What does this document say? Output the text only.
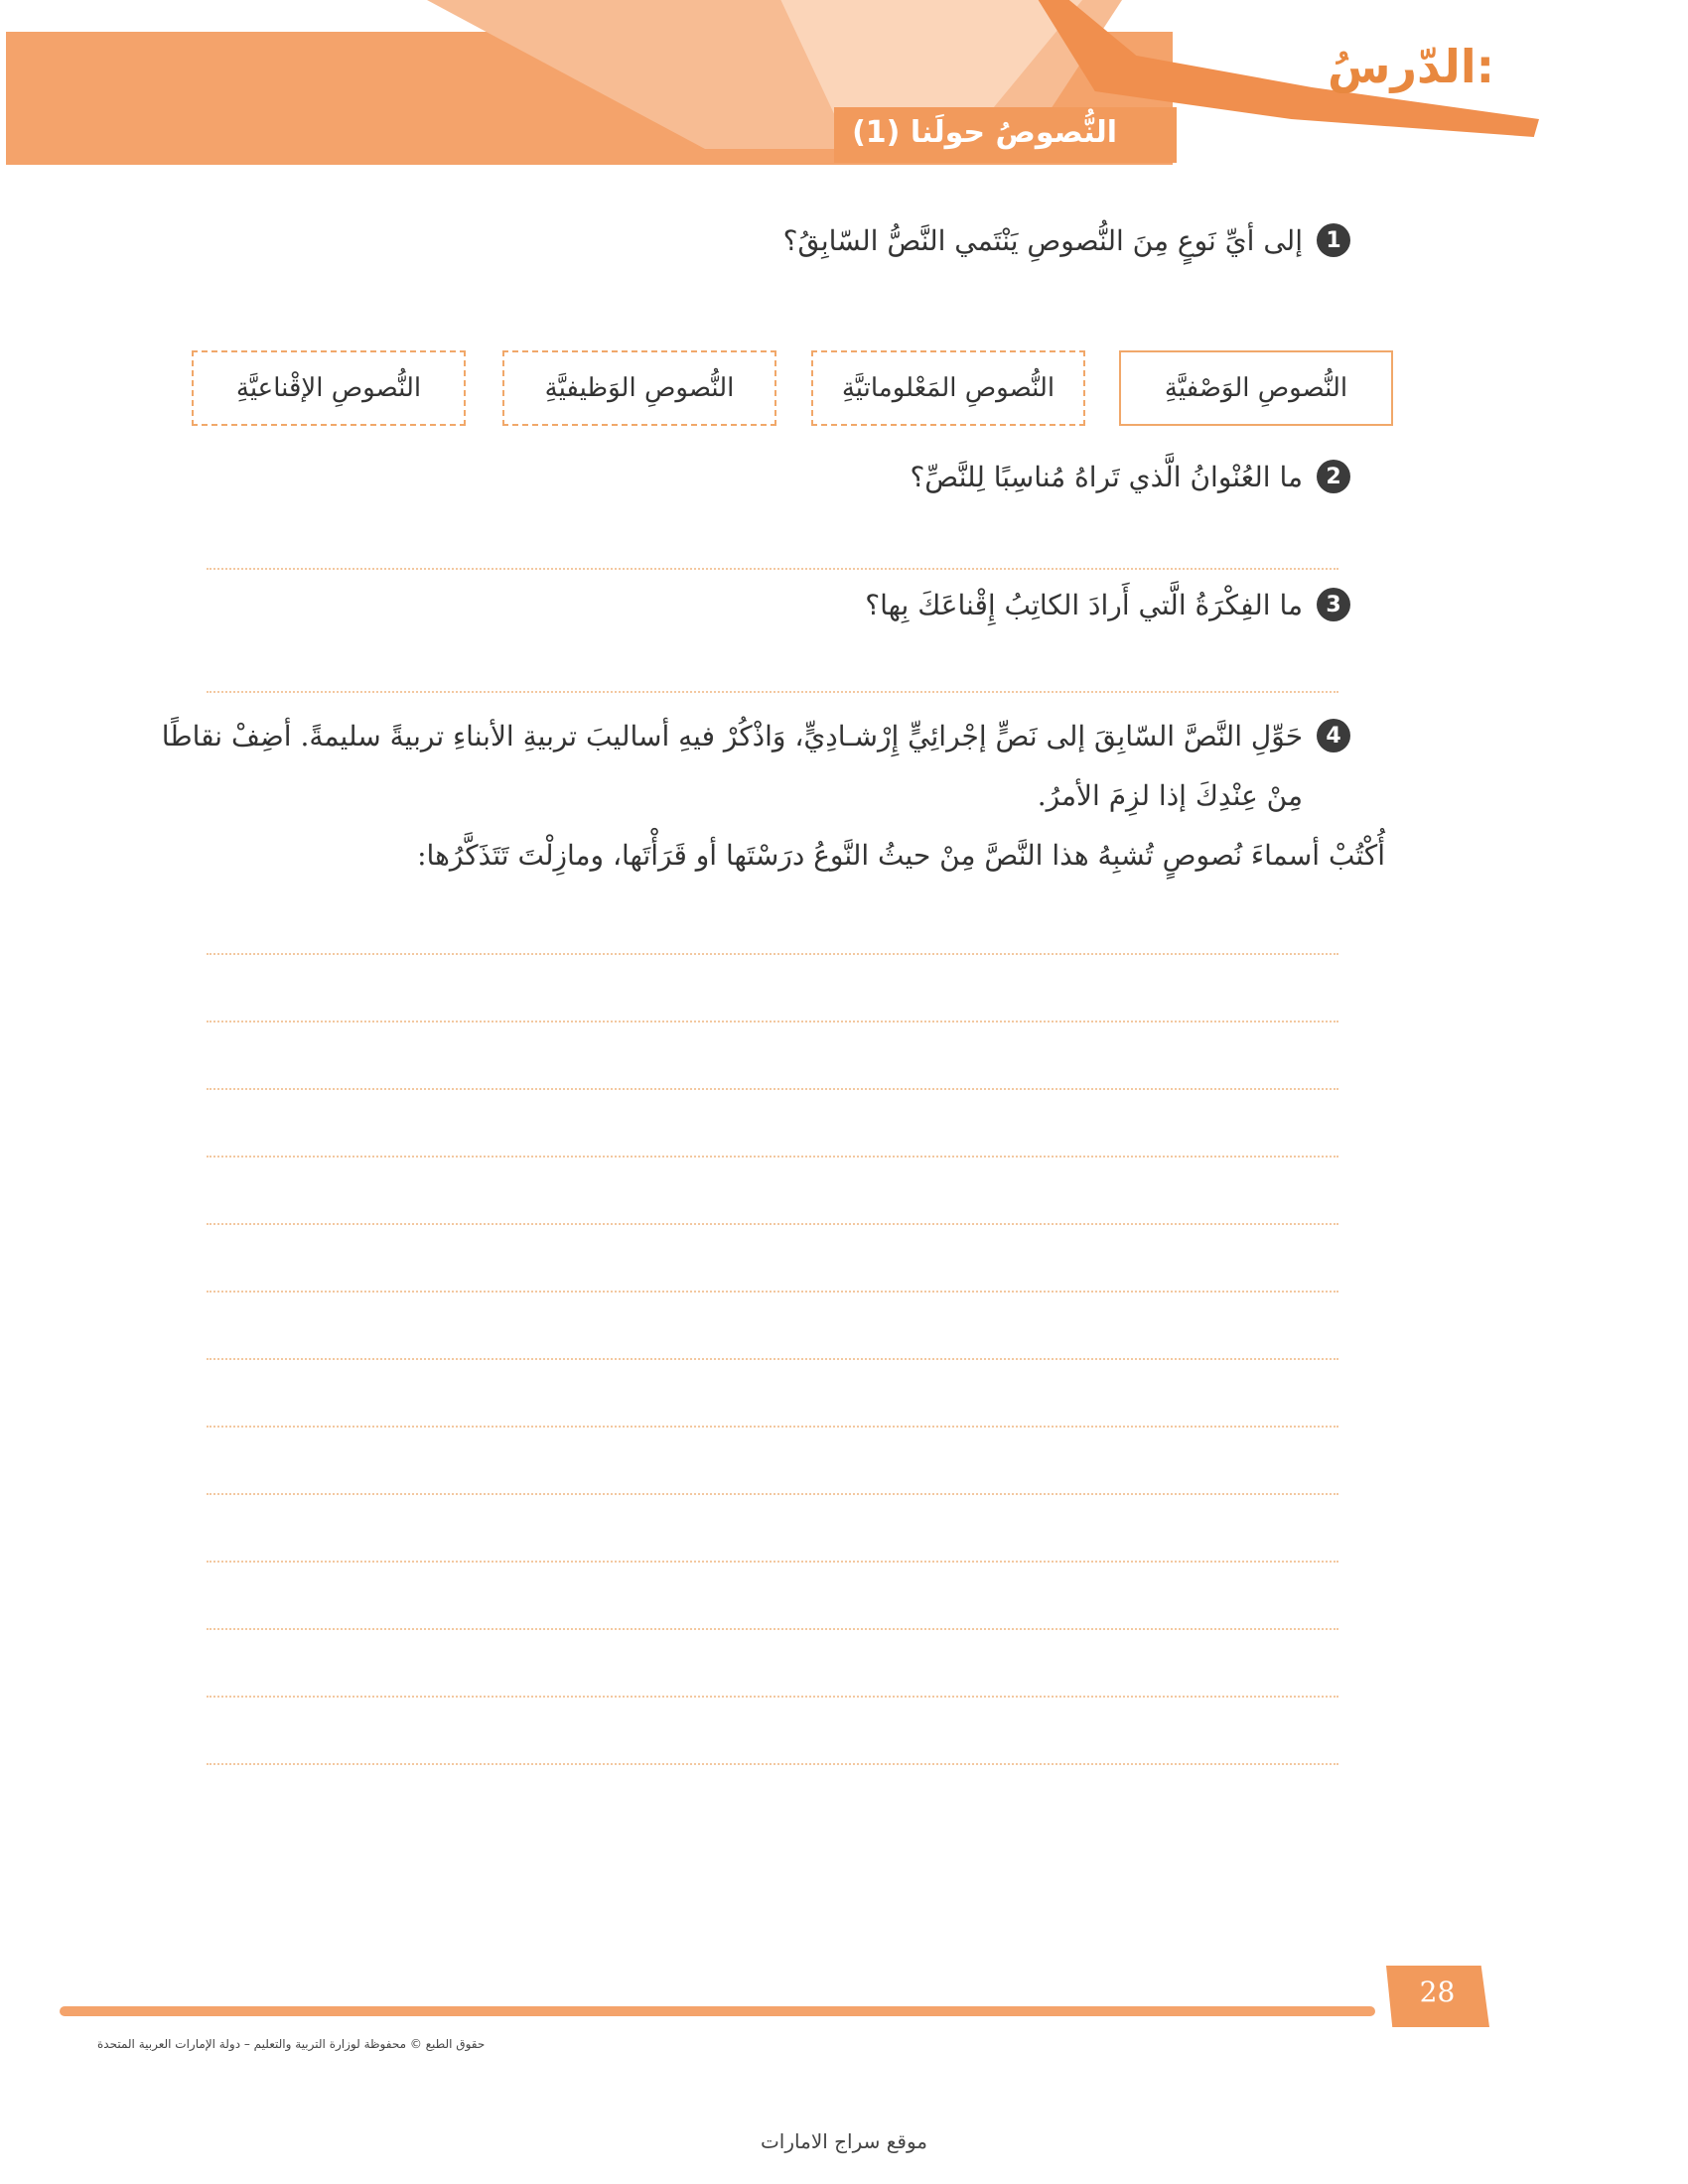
الدّرسُ:
النُّصوصُ حولَنا (1)
1
إلى أيِّ نَوعٍ مِنَ النُّصوصِ يَنْتَمي النَّصُّ السّابِقُ؟
النُّصوصِ الوَصْفيَّةِ
النُّصوصِ المَعْلوماتيَّةِ
النُّصوصِ الوَظيفيَّةِ
النُّصوصِ الإقْناعيَّةِ
2
ما العُنْوانُ الَّذي تَراهُ مُناسِبًا لِلنَّصِّ؟
3
ما الفِكْرَةُ الَّتي أَرادَ الكاتِبُ إِقْناعَكَ بِها؟
4
حَوِّلِ النَّصَّ السّابِقَ إلى نَصٍّ إجْرائِيٍّ إِرْشـادِيٍّ، وَاذْكُرْ فيهِ أساليبَ تربيةِ الأبناءِ تربيةً سليمةً. أضِفْ نقاطًا مِنْ عِنْدِكَ إذا لزِمَ الأمرُ.
أُكْتُبْ أسماءَ نُصوصٍ تُشبِهُ هذا النَّصَّ مِنْ حيثُ النَّوعُ درَسْتَها أو قَرَأْتَها، ومازِلْتَ تَتَذَكَّرُها:
28
حقوق الطبع © محفوظة لوزارة التربية والتعليم – دولة الإمارات العربية المتحدة
موقع سراج الامارات
